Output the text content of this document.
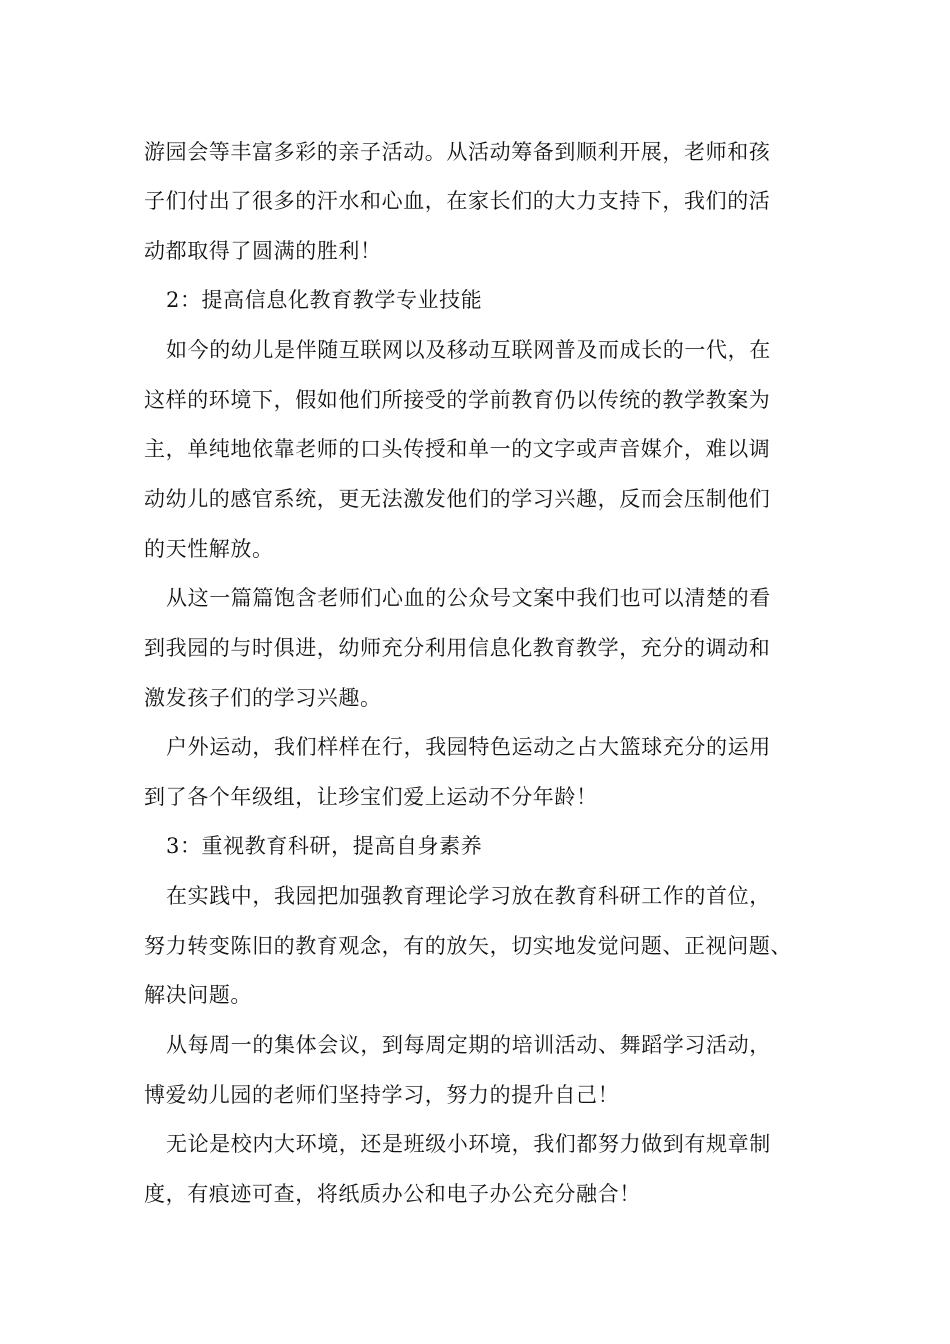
游园会等丰富多彩的亲子活动。从活动筹备到顺利开展，老师和孩
子们付出了很多的汗水和心血，在家长们的大力支持下，我们的活
动都取得了圆满的胜利！
2：提高信息化教育教学专业技能
如今的幼儿是伴随互联网以及移动互联网普及而成长的一代，在
这样的环境下，假如他们所接受的学前教育仍以传统的教学教案为
主，单纯地依靠老师的口头传授和单一的文字或声音媒介，难以调
动幼儿的感官系统，更无法激发他们的学习兴趣，反而会压制他们
的天性解放。
从这一篇篇饱含老师们心血的公众号文案中我们也可以清楚的看
到我园的与时俱进，幼师充分利用信息化教育教学，充分的调动和
激发孩子们的学习兴趣。
户外运动，我们样样在行，我园特色运动之占大篮球充分的运用
到了各个年级组，让珍宝们爱上运动不分年龄！
3：重视教育科研，提高自身素养
在实践中，我园把加强教育理论学习放在教育科研工作的首位，
努力转变陈旧的教育观念，有的放矢，切实地发觉问题、正视问题、
解决问题。
从每周一的集体会议，到每周定期的培训活动、舞蹈学习活动，
博爱幼儿园的老师们坚持学习，努力的提升自己！
无论是校内大环境，还是班级小环境，我们都努力做到有规章制
度，有痕迹可查，将纸质办公和电子办公充分融合！
